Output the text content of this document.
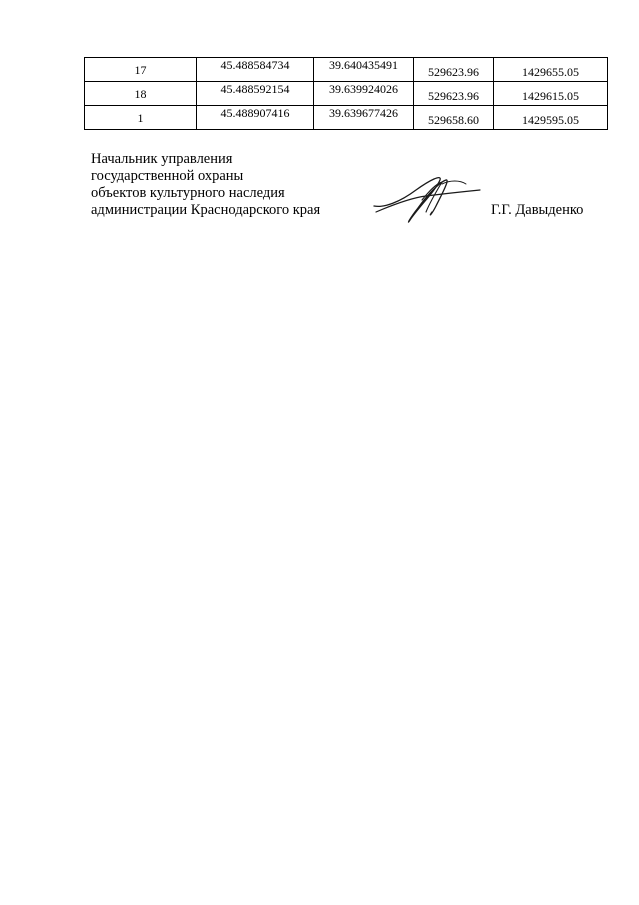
17	45.488584734	39.640435491	529623.96	1429655.05
18	45.488592154	39.639924026	529623.96	1429615.05
1	45.488907416	39.639677426	529658.60	1429595.05
Начальник управления
государственной охраны
объектов культурного наследия
администрации Краснодарского края	Г.Г. Давыденко
